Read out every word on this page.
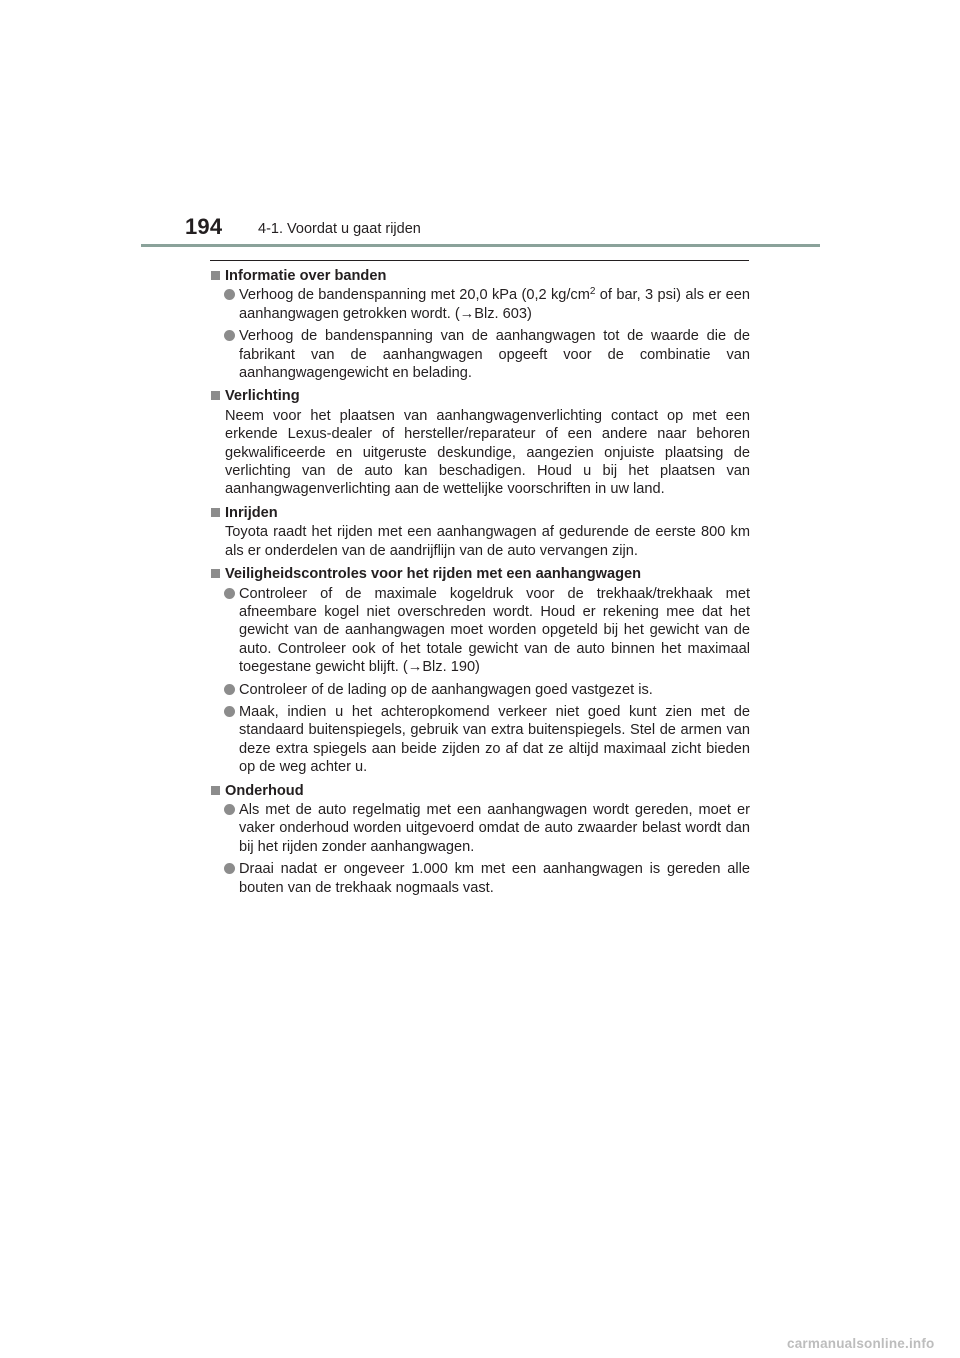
194 4-1. Voordat u gaat rijden
Informatie over banden
Verhoog de bandenspanning met 20,0 kPa (0,2 $kg/cm^2$ of bar, 3 psi) als er een aanhangwagen getrokken wordt. (→Blz. 603)
Verhoog de bandenspanning van de aanhangwagen tot de waarde die de fabrikant van de aanhangwagen opgeeft voor de combinatie van aanhangwagengewicht en belading.
Verlichting
Neem voor het plaatsen van aanhangwagenverlichting contact op met een erkende Lexus-dealer of hersteller/reparateur of een andere naar behoren gekwalificeerde en uitgeruste deskundige, aangezien onjuiste plaatsing de verlichting van de auto kan beschadigen. Houd u bij het plaatsen van aanhangwagenverlichting aan de wettelijke voorschriften in uw land.
Inrijden
Toyota raadt het rijden met een aanhangwagen af gedurende de eerste 800 km als er onderdelen van de aandrijflijn van de auto vervangen zijn.
Veiligheidscontroles voor het rijden met een aanhangwagen
Controleer of de maximale kogeldruk voor de trekhaak/trekhaak met afneembare kogel niet overschreden wordt. Houd er rekening mee dat het gewicht van de aanhangwagen moet worden opgeteld bij het gewicht van de auto. Controleer ook of het totale gewicht van de auto binnen het maximaal toegestane gewicht blijft. (→Blz. 190)
Controleer of de lading op de aanhangwagen goed vastgezet is.
Maak, indien u het achteropkomend verkeer niet goed kunt zien met de standaard buitenspiegels, gebruik van extra buitenspiegels. Stel de armen van deze extra spiegels aan beide zijden zo af dat ze altijd maximaal zicht bieden op de weg achter u.
Onderhoud
Als met de auto regelmatig met een aanhangwagen wordt gereden, moet er vaker onderhoud worden uitgevoerd omdat de auto zwaarder belast wordt dan bij het rijden zonder aanhangwagen.
Draai nadat er ongeveer 1.000 km met een aanhangwagen is gereden alle bouten van de trekhaak nogmaals vast.
carmanualsonline.info
